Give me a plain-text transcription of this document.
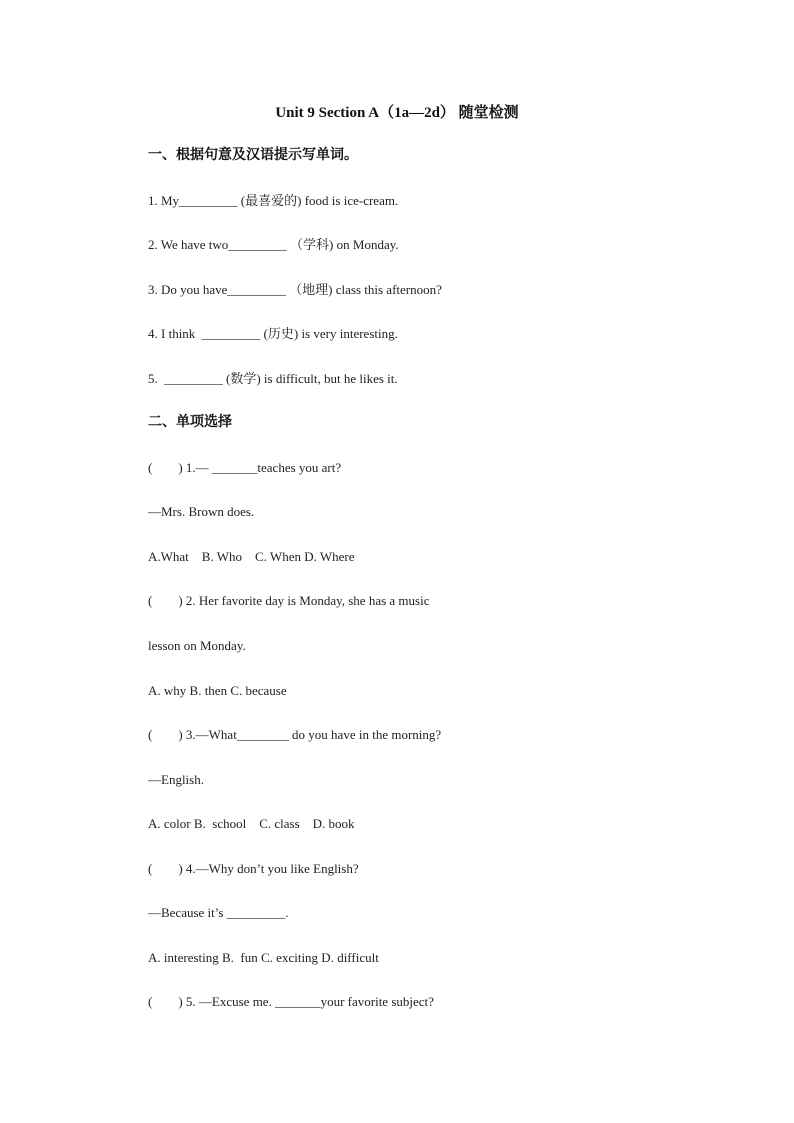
Unit 9 Section A（1a—2d） 随堂检测
一、根据句意及汉语提示写单词。
1. My_________ (最喜爱的) food is ice-cream.
2. We have two_________ （学科) on Monday.
3. Do you have_________ （地理) class this afternoon?
4. I think  _________ (历史) is very interesting.
5.  _________ (数学) is difficult, but he likes it.
二、单项选择
(        ) 1.— _______teaches you art?
—Mrs. Brown does.
A.What    B. Who    C. When D. Where
(        ) 2. Her favorite day is Monday, she has a music
lesson on Monday.
A. why B. then C. because
(        ) 3.—What________ do you have in the morning?
—English.
A. color B.  school    C. class    D. book
(        ) 4.—Why don’t you like English?
—Because it’s _________.
A. interesting B.  fun C. exciting D. difficult
(        ) 5. —Excuse me. _______your favorite subject?
